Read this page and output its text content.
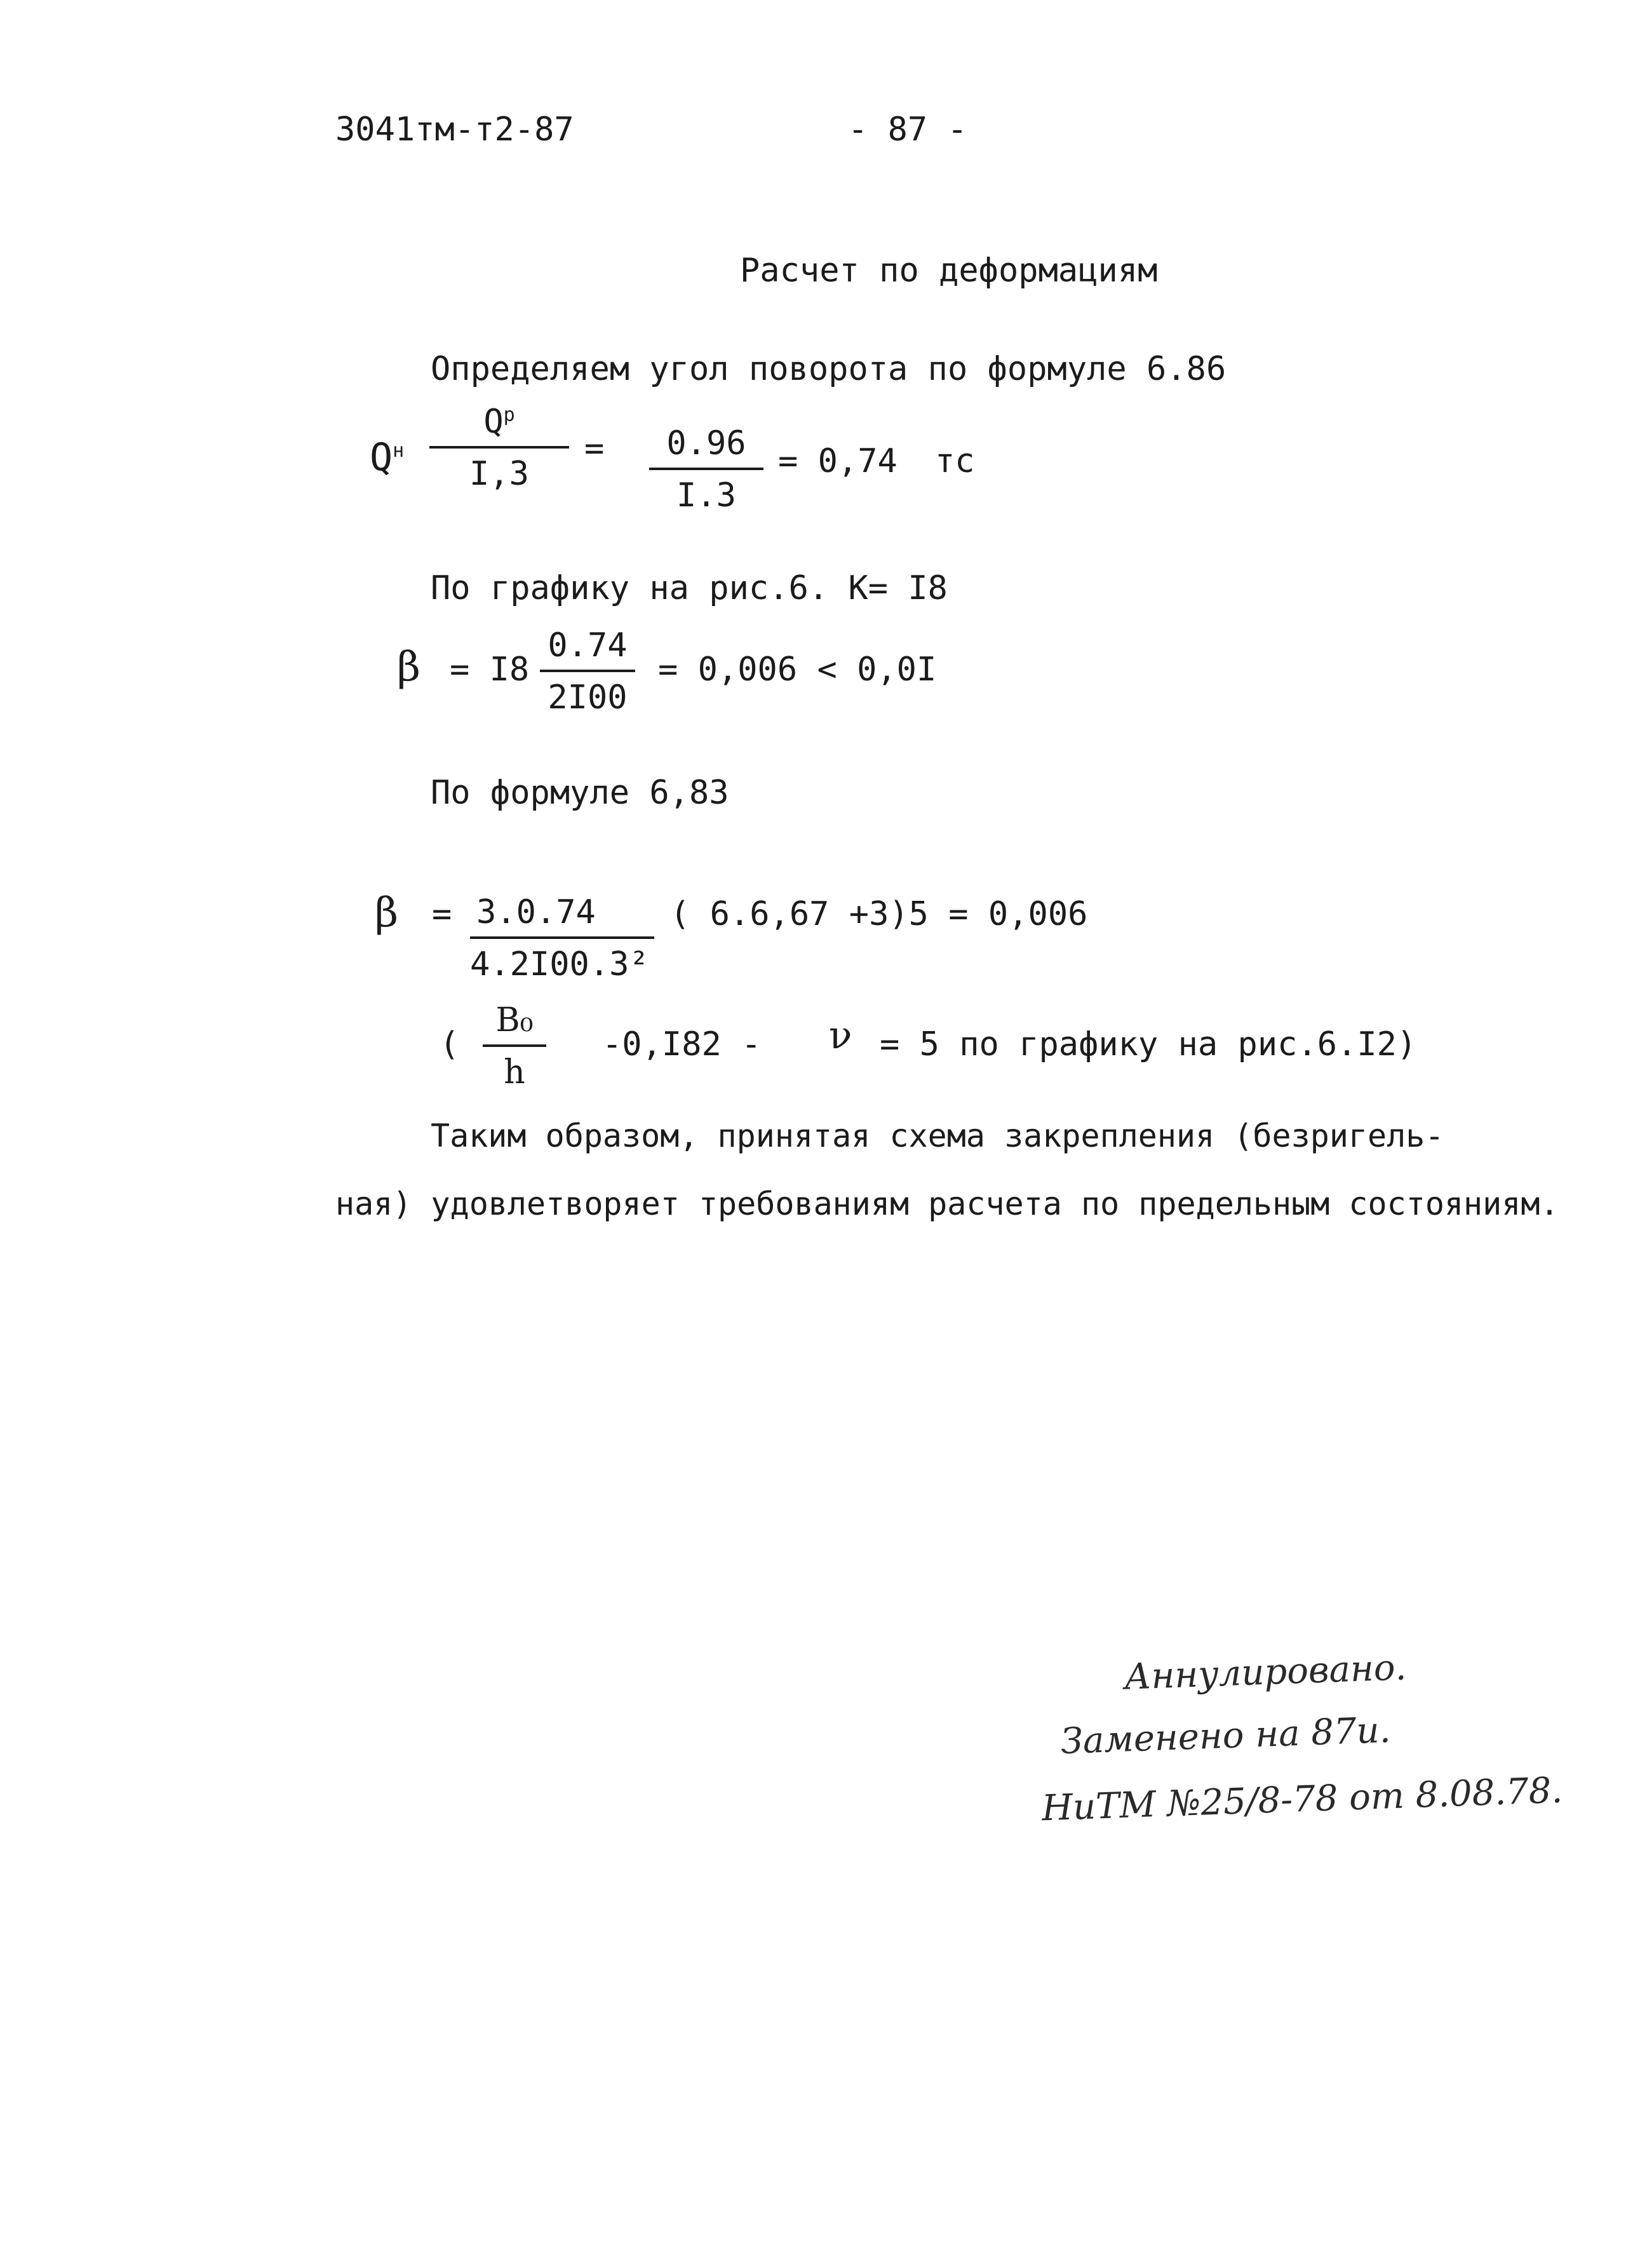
3041тм-т2-87	- 87 -
Расчет по деформациям
Определяем угол поворота по формуле 6.86
$Q^н$
$Q^р$
I,3
=	0.96
I.3
= 0,74 тс
По графику на рис.6. К= I8
β = I8
0.74
2I00
= 0,006 < 0,0I
По формуле 6,83
β = 3.0.74
4.2I00.3²
( 6.6,67 +3)5 = 0,006
(
B₀
h
-0,I82 - ν = 5 по графику на рис.6.I2)
Таким образом, принятая схема закрепления (безригель-
ная) удовлетворяет требованиям расчета по предельным состояниям.
Аннулировано.
Заменено на 87и.
НиТМ №25/8-78 от 8.08.78.
